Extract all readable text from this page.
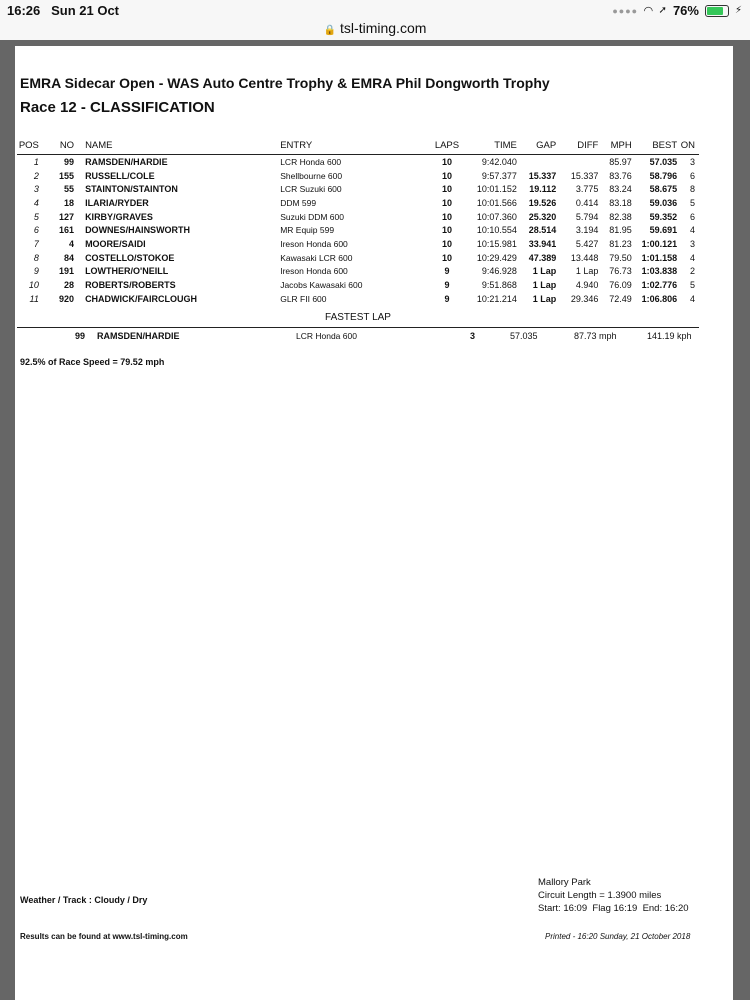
16:26 Sun 21 Oct	●●●● ◠ ➚ 76%	⚡
🔒 tsl-timing.com
EMRA Sidecar Open - WAS Auto Centre Trophy & EMRA Phil Dongworth Trophy
Race 12 - CLASSIFICATION
POS	NO	NAME	ENTRY	LAPS	TIME	GAP	DIFF	MPH	BEST	ON
1	99	RAMSDEN/HARDIE	LCR Honda 600	10	9:42.040			85.97	57.035	3
2	155	RUSSELL/COLE	Shellbourne 600	10	9:57.377	15.337	15.337	83.76	58.796	6
3	55	STAINTON/STAINTON	LCR Suzuki 600	10	10:01.152	19.112	3.775	83.24	58.675	8
4	18	ILARIA/RYDER	DDM 599	10	10:01.566	19.526	0.414	83.18	59.036	5
5	127	KIRBY/GRAVES	Suzuki DDM 600	10	10:07.360	25.320	5.794	82.38	59.352	6
6	161	DOWNES/HAINSWORTH	MR Equip 599	10	10:10.554	28.514	3.194	81.95	59.691	4
7	4	MOORE/SAIDI	Ireson Honda 600	10	10:15.981	33.941	5.427	81.23	1:00.121	3
8	84	COSTELLO/STOKOE	Kawasaki LCR 600	10	10:29.429	47.389	13.448	79.50	1:01.158	4
9	191	LOWTHER/O'NEILL	Ireson Honda 600	9	9:46.928	1 Lap	1 Lap	76.73	1:03.838	2
10	28	ROBERTS/ROBERTS	Jacobs Kawasaki 600	9	9:51.868	1 Lap	4.940	76.09	1:02.776	5
11	920	CHADWICK/FAIRCLOUGH	GLR FII 600	9	10:21.214	1 Lap	29.346	72.49	1:06.806	4
FASTEST LAP
99 RAMSDEN/HARDIE	LCR Honda 600	3	57.035	87.73 mph	141.19 kph
92.5% of Race Speed = 79.52 mph
Mallory Park
Circuit Length = 1.3900 miles
Start: 16:09  Flag 16:19  End: 16:20
Weather / Track : Cloudy / Dry
Results can be found at www.tsl-timing.com	Printed - 16:20 Sunday, 21 October 2018
